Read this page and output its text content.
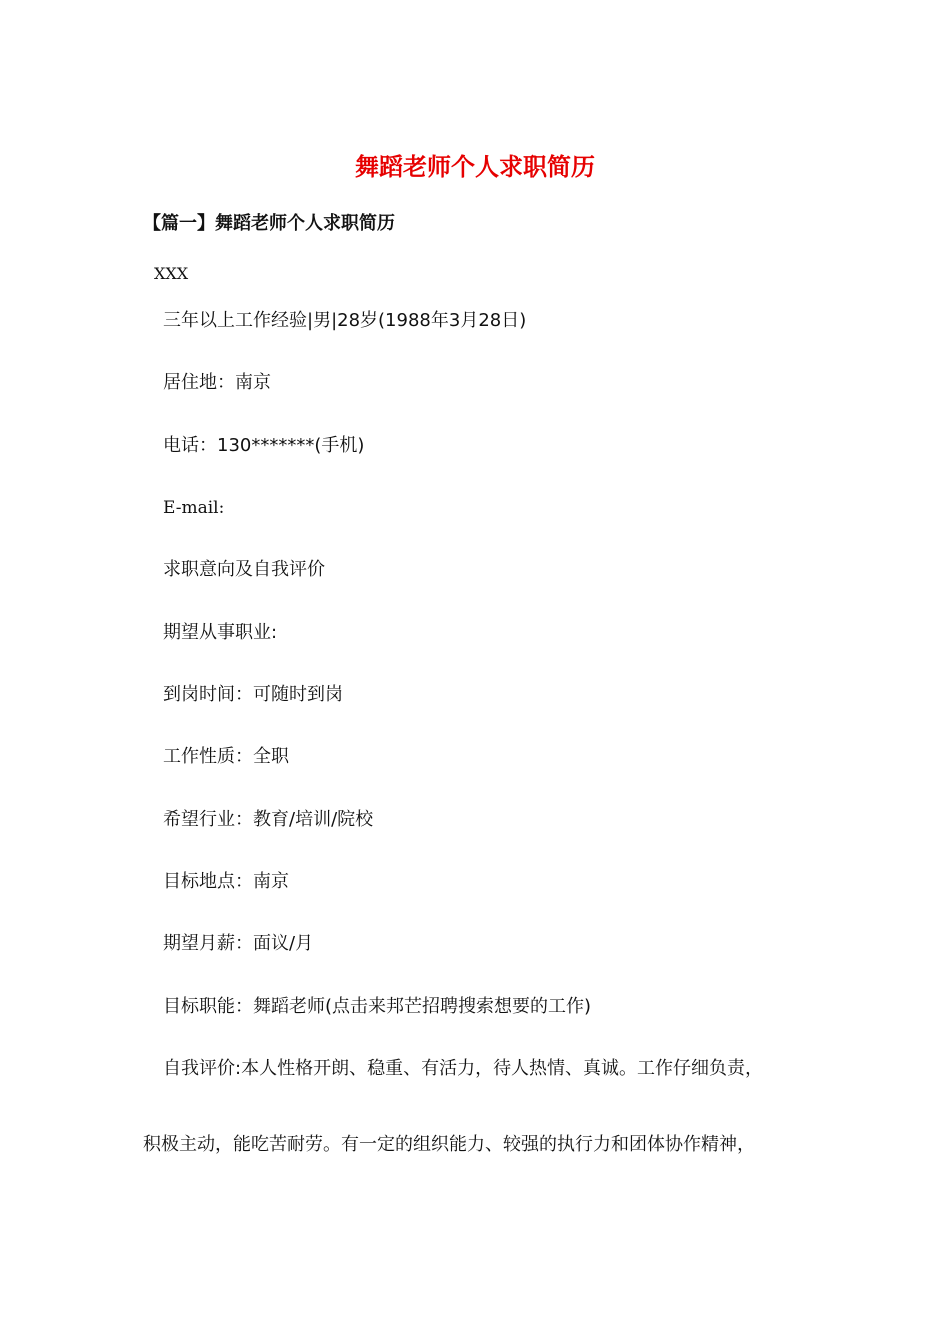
舞蹈老师个人求职简历
【篇一】舞蹈老师个人求职简历
XXX
三年以上工作经验|男|28岁(1988年3月28日)
居住地：南京
电话：130*******(手机)
E-mail:
求职意向及自我评价
期望从事职业:
到岗时间：可随时到岗
工作性质：全职
希望行业：教育/培训/院校
目标地点：南京
期望月薪：面议/月
目标职能：舞蹈老师(点击来邦芒招聘搜索想要的工作)
自我评价:本人性格开朗、稳重、有活力，待人热情、真诚。工作仔细负责，
积极主动，能吃苦耐劳。有一定的组织能力、较强的执行力和团体协作精神，
